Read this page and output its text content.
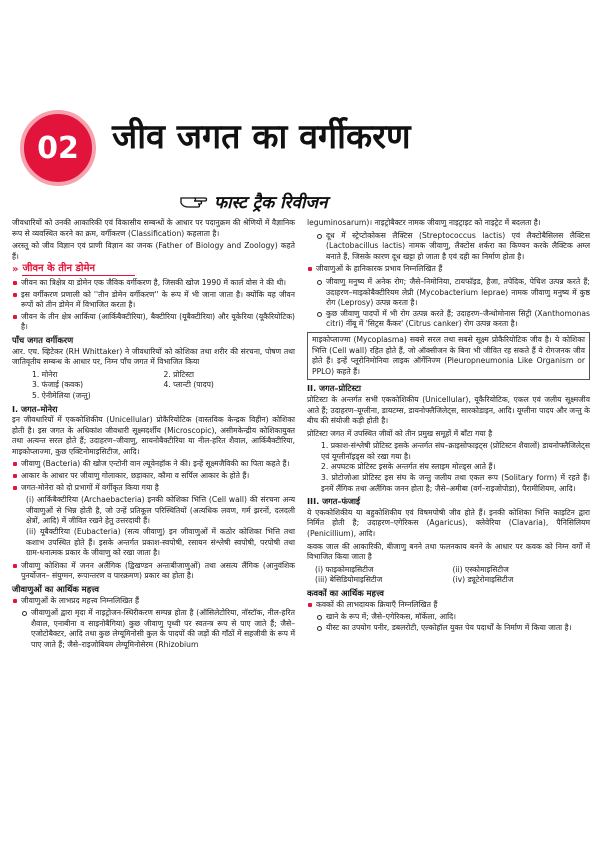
02 जीव जगत का वर्गीकरण
फास्ट ट्रैक रिवीजन

जीवधारियों को उनकी आकारिकी एवं विकासीय सम्बन्धों के आधार पर पदानुक्रम की श्रेणियों में वैज्ञानिक रूप से व्यवस्थित करने का क्रम, वर्गीकरण (Classification) कहलाता है।

अरस्तू को जीव विज्ञान एवं प्राणी विज्ञान का जनक (Father of Biology and Zoology) कहते हैं।

» जीवन के तीन डोमेन
जीवन का त्रिक्षेत्र या डोमेन एक जैविक वर्गीकरण है, जिसकी खोज 1990 में कार्ल वोस ने की थी।
इस वर्गीकरण प्रणाली को ''तीन डोमेन वर्गीकरण'' के रूप में भी जाना जाता है। क्योंकि यह जीवन रूपों को तीन डोमेन में विभाजित करता है।
जीवन के तीन क्षेत्र आर्किया (आर्किबैक्टीरिया), बैक्टीरिया (यूबैक्टीरिया) और यूकेरिया (यूकैरियोटिक) है।
पाँच जगत वर्गीकरण

आर. एच. व्हिटेकर (RH Whittaker) ने जीवधारियों को कोशिका तथा शरीर की संरचना, पोषण तथा जातिवृतीय सम्बन्ध के आधार पर, निम्न पाँच जगत में विभाजित किया

1. मोनेरा	2. प्रोटिस्टा
3. फंजाई (कवक)	4. प्लान्टी (पादप)
5. ऐनीमेलिया (जन्तु)
I. जगत–मोनेरा

इन जीवधारियों में एककोशिकीय (Unicellular) प्रोकैरियोटिक (वास्तविक केन्द्रक विहीन) कोशिका होती है। इस जगत के अधिकांश जीवधारी सूक्ष्मदर्शीय (Microscopic), असीमकेन्द्रीय कोशिकायुक्त तथा अत्यन्त सरल होते हैं; उदाहरण–जीवाणु, सायनोबैक्टीरिया या नील-हरित शैवाल, आर्किबैक्टीरिया, माइकोप्लाज्मा, कुछ एक्टिनोमाइसिटीज, आदि।

जीवाणु (Bacteria) की खोज एन्टोनी वान ल्यूवेनहॉक ने की। इन्हें सूक्ष्मजैविकी का पिता कहते हैं।
आकार के आधार पर जीवाणु गोलाकार, छड़ाकार, कौमा व सर्पिल आकार के होते हैं।
जगत-मोनेरा को दो प्रभागों में वर्गीकृत किया गया है
(i) आर्किबैक्टीरिया (Archaebacteria) इनकी कोशिका भित्ति (Cell wall) की संरचना अन्य जीवाणुओं से भिन्न होती है, जो उन्हें प्रतिकूल परिस्थितियों (अत्यधिक लवण, गर्म झरनों, दलदली क्षेत्रों, आदि) में जीवित रखने हेतु उत्तरदायी हैं।
(ii) यूबैक्टीरिया (Eubacteria) (सत्य जीवाणु) इन जीवाणुओं में कठोर कोशिका भित्ति तथा कशाभ उपस्थित होते हैं। इसके अन्तर्गत प्रकाश-स्वपोषी, रसायन संश्लेषी स्वपोषी, परपोषी तथा ग्राम-धनात्मक प्रकार के जीवाणु को रखा जाता है।
जीवाणु कोशिका में जनन अलैंगिक (द्विखण्डन अन्तःबीजाणुओं) तथा असत्य लैंगिक (आनुवंशिक पुनर्योजन– संयुग्मन, रूपान्तरण व पारक्रमण) प्रकार का होता है।
जीवाणुओं का आर्थिक महत्त्व
जीवाणुओं के लाभप्रद महत्त्व निम्नलिखित हैं
जीवाणुओं द्वारा मृदा में नाइट्रोजन-स्थिरीकरण सम्पन्न होता है (ऑसिलेटोरिया, नॉस्टॉक, नील-हरित शैवाल, एनाबीना व साइनोबैगिया) कुछ जीवाणु पृथ्वी पर स्वतन्त्र रूप से पाए जाते हैं; जैसे–एजोटोबैक्टर, आदि तथा कुछ लेग्यूमिनोसी कुल के पादपों की जड़ों की गाँठों में सहजीवी के रूप में पाए जाते हैं; जैसे–राइजोबियम लेग्यूमिनोसेरम (Rhizobium

leguminosarum)। नाइट्रोबैक्टर नामक जीवाणु नाइट्राइट को नाइट्रेट में बदलता है।

दूध में स्ट्रेप्टोकोकस लैक्टिस (Streptococcus lactis) एवं लैक्टोबैसिलस लैक्टिस (Lactobacillus lactis) नामक जीवाणु, लैक्टोस शर्करा का किण्वन करके लैक्टिक अम्ल बनाते हैं, जिसके कारण दूध खट्टा हो जाता है एवं दही का निर्माण होता है।
जीवाणुओं के हानिकारक प्रभाव निम्नलिखित हैं
जीवाणु मनुष्य में अनेक रोग; जैसे–निमोनिया, टायफॉइड, हैजा, तपेदिक, पेचिश उत्पन्न करते हैं; उदाहरण–माइकोबैक्टीरियम लेप्री (Mycobacterium leprae) नामक जीवाणु मनुष्य में कुष्ठ रोग (Leprosy) उत्पन्न करता है।
कुछ जीवाणु पादपों में भी रोग उत्पन्न करते हैं; उदाहरण–जैन्थोमोनास सिट्री (Xanthomonas citri) नींबू में 'सिट्रस कैंकर' (Citrus canker) रोग उत्पन्न करता है।
माइकोप्लाज्मा (Mycoplasma) सबसे सरल तथा सबसे सूक्ष्म प्रोकैरियोटिक जीव है। ये कोशिका भित्ति (Cell wall) रहित होते हैं, जो ऑक्सीजन के बिना भी जीवित रह सकते हैं ये रोगजनक जीव होते हैं। इन्हें प्लूरोनिमोनिया लाइक ऑर्गेनिज्म (Pleuropneumonia Like Organism or PPLO) कहते हैं।
II. जगत–प्रोटिस्टा

प्रोटिस्टा के अन्तर्गत सभी एककोशिकीय (Unicellular), यूकैरियोटिक, एकल एवं जलीय सूक्ष्मजीव आते हैं; उदाहरण–यूग्लीना, डायटम्स, डायनोफ्लैजिलेट्स, सारकोडाइन, आदि। यूग्लीना पादप और जन्तु के बीच की संयोजी कड़ी होती है।

प्रोटिस्टा जगत में उपस्थित जीवों को तीन प्रमुख समूहों में बाँटा गया है

1. प्रकाश-संश्लेषी प्रोटिस्ट इसके अन्तर्गत संघ–क्राइसोफाइट्स (प्रोटिस्टन शैवालों) डायनोफ्लैजिलेट्स एवं यूग्लीनॉइड्स को रखा गया है।
2. अपघटक प्रोटिस्ट इसके अन्तर्गत संघ स्लाइम मोल्ड्स आते हैं।
3. प्रोटोजोआ प्रोटिस्ट इस संघ के जन्तु जलीय तथा एकल रूप (Solitary form) में रहते हैं। इनमें लैंगिक तथा अलैंगिक जनन होता है; जैसे–अमीबा (वर्ग–राइजोपोडा), पैरामीशियम, आदि।
III. जगत–फंजाई

ये एककोशिकीय या बहुकोशिकीय एवं विषमपोषी जीव होते हैं। इनकी कोशिका भित्ति काइटिन द्वारा निर्मित होती है; उदाहरण–एगेरिकस (Agaricus), क्लेवेरिया (Clavaria), पैनिसिलियम (Penicillium), आदि।

कवक जाल की आकारिकी, बीजाणु बनने तथा फलनकाय बनने के आधार पर कवक को निम्न वर्गों में विभाजित किया जाता है

(i) फाइकोमाइसिटीज	(ii) एस्कोमाइसिटीज
(iii) बेसिडियोमाइसिटीज	(iv) ड्यूटेरोमाइसिटीज
कवकों का आर्थिक महत्त्व
कवकों की लाभदायक क्रियाएँ निम्नलिखित हैं
खाने के रूप में; जैसे–एगेरिकस, मॉर्केला, आदि।
यीस्ट का उपयोग पनीर, डबलरोटी, एल्कोहॉल युक्त पेय पदार्थों के निर्माण में किया जाता है।
